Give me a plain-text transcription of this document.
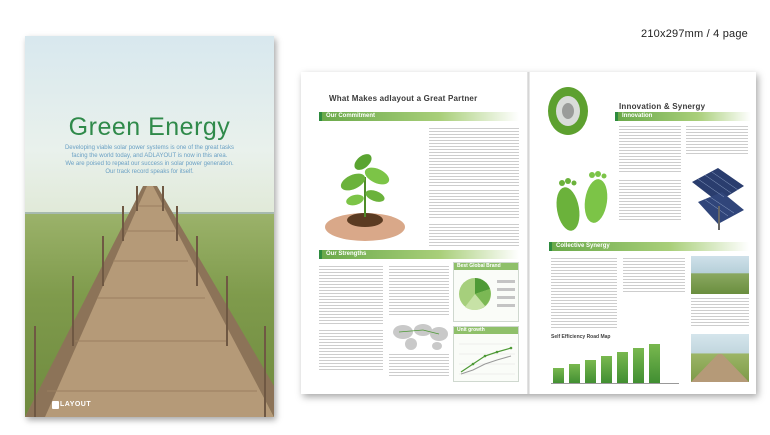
210x297mm / 4 page
Green Energy
Developing viable solar power systems is one of the great tasks
facing the world today, and ADLAYOUT is now in this area.
We are poised to repeat our success in solar power generation.
Our track record speaks for itself.
LAYOUT
What Makes adlayout a Great Partner
Our Commitment
Our Strengths
Best Global Brand
Unit growth
Innovation & Synergy
Innovation
Collective Synergy
Self Efficiency Road Map
